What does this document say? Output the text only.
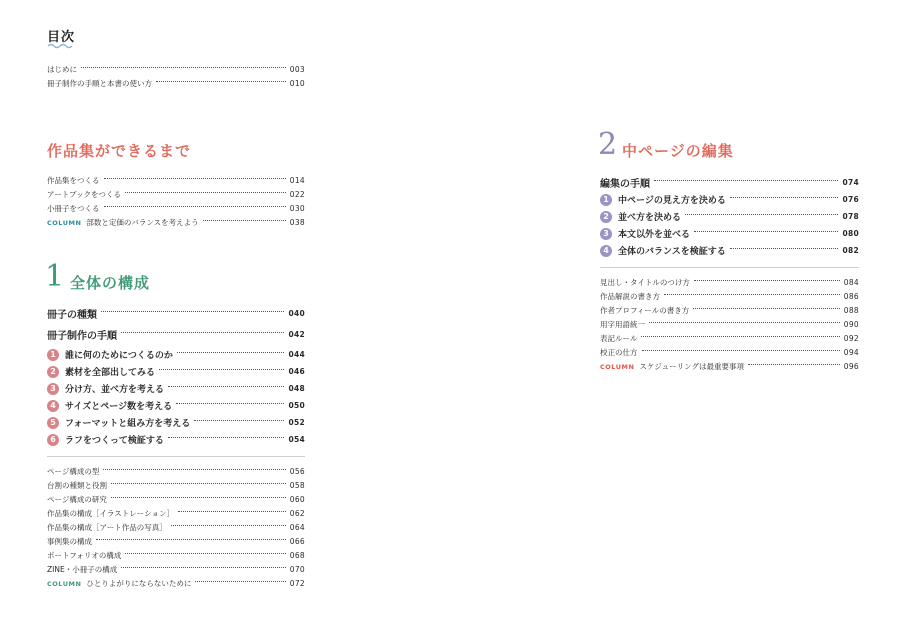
目次
はじめに	003
冊子制作の手順と本書の使い方	010
作品集ができるまで
作品集をつくる	014
アートブックをつくる	022
小冊子をつくる	030
COLUMN 部数と定価のバランスを考えよう	038
1 全体の構成
冊子の種類	040
冊子制作の手順	042
1	誰に何のためにつくるのか	044
2	素材を全部出してみる	046
3	分け方、並べ方を考える	048
4	サイズとページ数を考える	050
5	フォーマットと組み方を考える	052
6	ラフをつくって検証する	054
ページ構成の型	056
台割の種類と役割	058
ページ構成の研究	060
作品集の構成［イラストレーション］	062
作品集の構成［アート作品の写真］	064
事例集の構成	066
ポートフォリオの構成	068
ZINE・小冊子の構成	070
COLUMN ひとりよがりにならないために	072
2 中ページの編集
編集の手順	074
1	中ページの見え方を決める	076
2	並べ方を決める	078
3	本文以外を並べる	080
4	全体のバランスを検証する	082
見出し・タイトルのつけ方	084
作品解説の書き方	086
作者プロフィールの書き方	088
用字用語統一	090
表記ルール	092
校正の仕方	094
COLUMN スケジューリングは最重要事項	096
